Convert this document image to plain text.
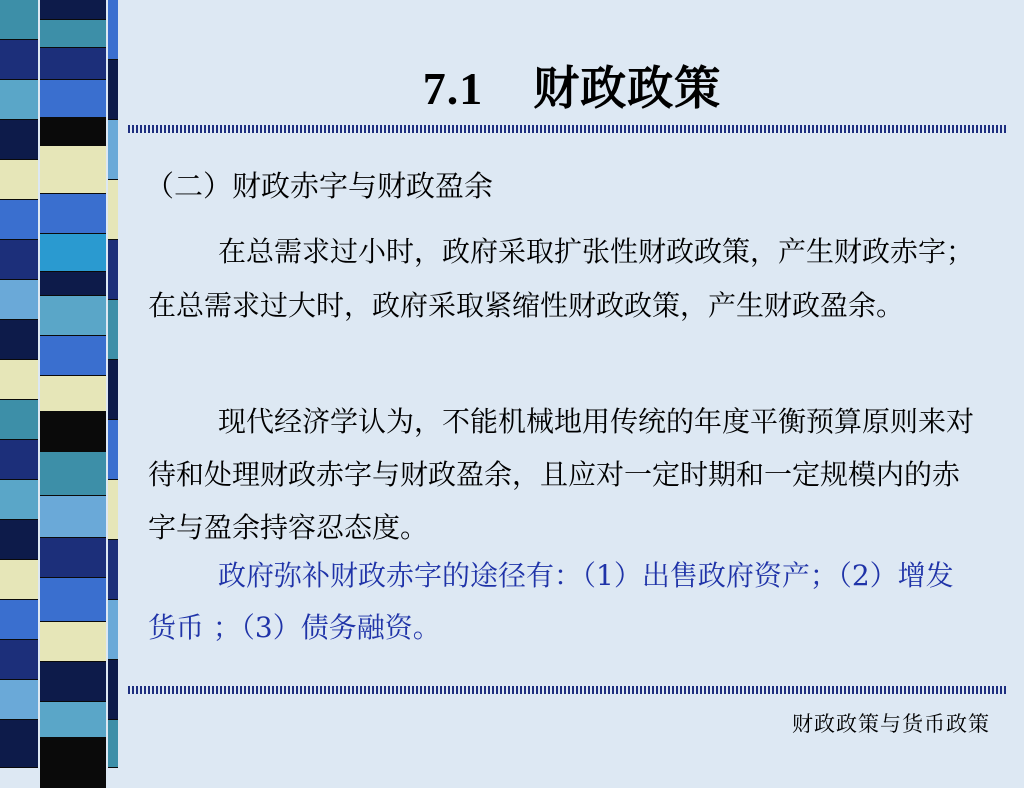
7.1 财政政策
（二）财政赤字与财政盈余

在总需求过小时，政府采取扩张性财政政策，产生财政赤字；在总需求过大时，政府采取紧缩性财政政策，产生财政盈余。

现代经济学认为，不能机械地用传统的年度平衡预算原则来对待和处理财政赤字与财政盈余，且应对一定时期和一定规模内的赤字与盈余持容忍态度。

政府弥补财政赤字的途径有：（1）出售政府资产；（2）增发货币 ；（3）债务融资。

财政政策与货币政策
